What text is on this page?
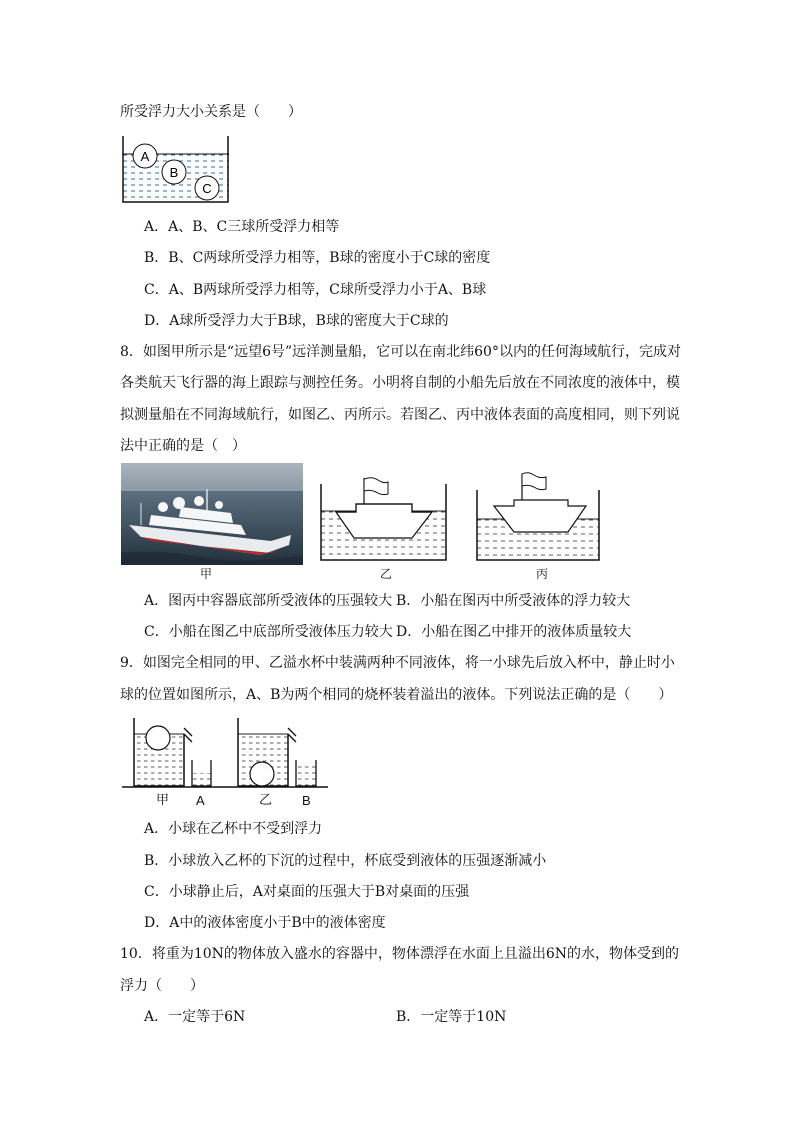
所受浮力大小关系是（　　）
A
B
C
A．A、B、C三球所受浮力相等
B．B、C两球所受浮力相等，B球的密度小于C球的密度
C．A、B两球所受浮力相等，C球所受浮力小于A、B球
D．A球所受浮力大于B球，B球的密度大于C球的
8．如图甲所示是“远望6号”远洋测量船，它可以在南北纬60°以内的任何海域航行，完成对
各类航天飞行器的海上跟踪与测控任务。小明将自制的小船先后放在不同浓度的液体中，模
拟测量船在不同海域航行，如图乙、丙所示。若图乙、丙中液体表面的高度相同，则下列说
法中正确的是（　）
乙
甲	丙
A．图丙中容器底部所受液体的压强较大 B．小船在图丙中所受液体的浮力较大
C．小船在图乙中底部所受液体压力较大 D．小船在图乙中排开的液体质量较大
9．如图完全相同的甲、乙溢水杯中装满两种不同液体，将一小球先后放入杯中，静止时小
球的位置如图所示，A、B为两个相同的烧杯装着溢出的液体。下列说法正确的是（　　）
甲 A	乙 B
A．小球在乙杯中不受到浮力
B．小球放入乙杯的下沉的过程中，杯底受到液体的压强逐渐减小
C．小球静止后，A对桌面的压强大于B对桌面的压强
D．A中的液体密度小于B中的液体密度
10．将重为10N的物体放入盛水的容器中，物体漂浮在水面上且溢出6N的水，物体受到的
浮力（　　）
A．一定等于6N	B．一定等于10N
